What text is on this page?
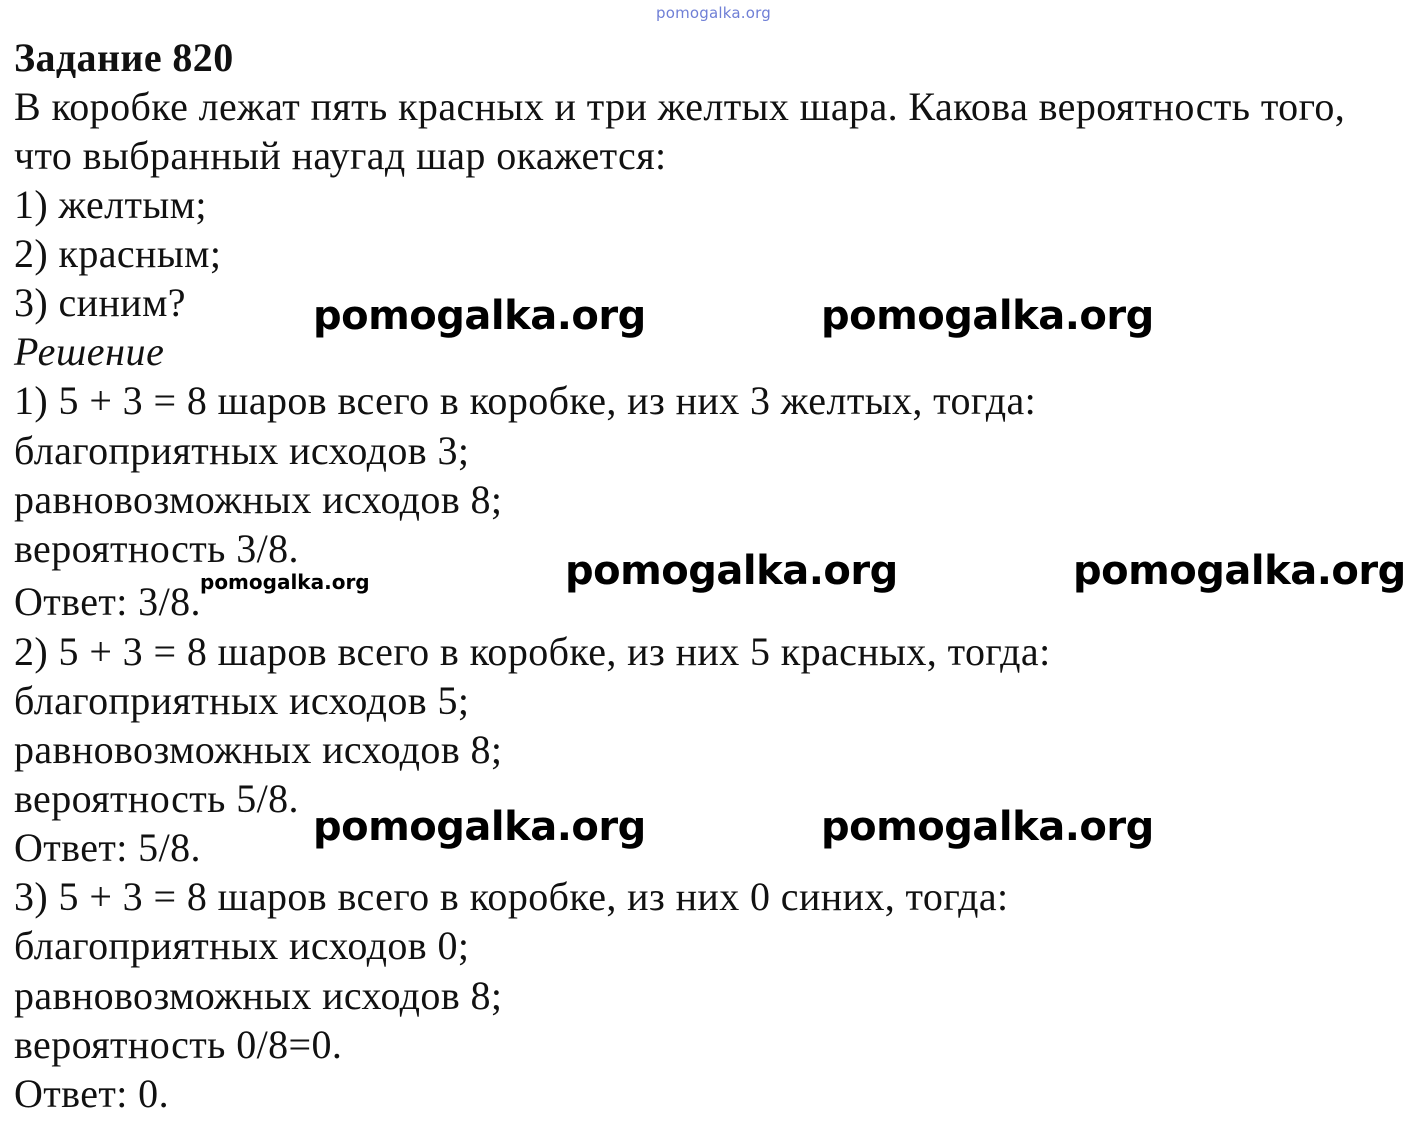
pomogalka.org
Задание 820

В коробке лежат пять красных и три желтых шара. Какова вероятность того,

что выбранный наугад шар окажется:

1) желтым;

2) красным;

3) синим?

Решение

1) 5 + 3 = 8 шаров всего в коробке, из них 3 желтых, тогда:

благоприятных исходов 3;

равновозможных исходов 8;

вероятность 3/8.

Ответ: 3/8.

2) 5 + 3 = 8 шаров всего в коробке, из них 5 красных, тогда:

благоприятных исходов 5;

равновозможных исходов 8;

вероятность 5/8.

Ответ: 5/8.

3) 5 + 3 = 8 шаров всего в коробке, из них 0 синих, тогда:

благоприятных исходов 0;

равновозможных исходов 8;

вероятность 0/8=0.

Ответ: 0.

pomogalka.org	pomogalka.org
pomogalka.org	pomogalka.org
pomogalka.org	pomogalka.org
pomogalka.org
